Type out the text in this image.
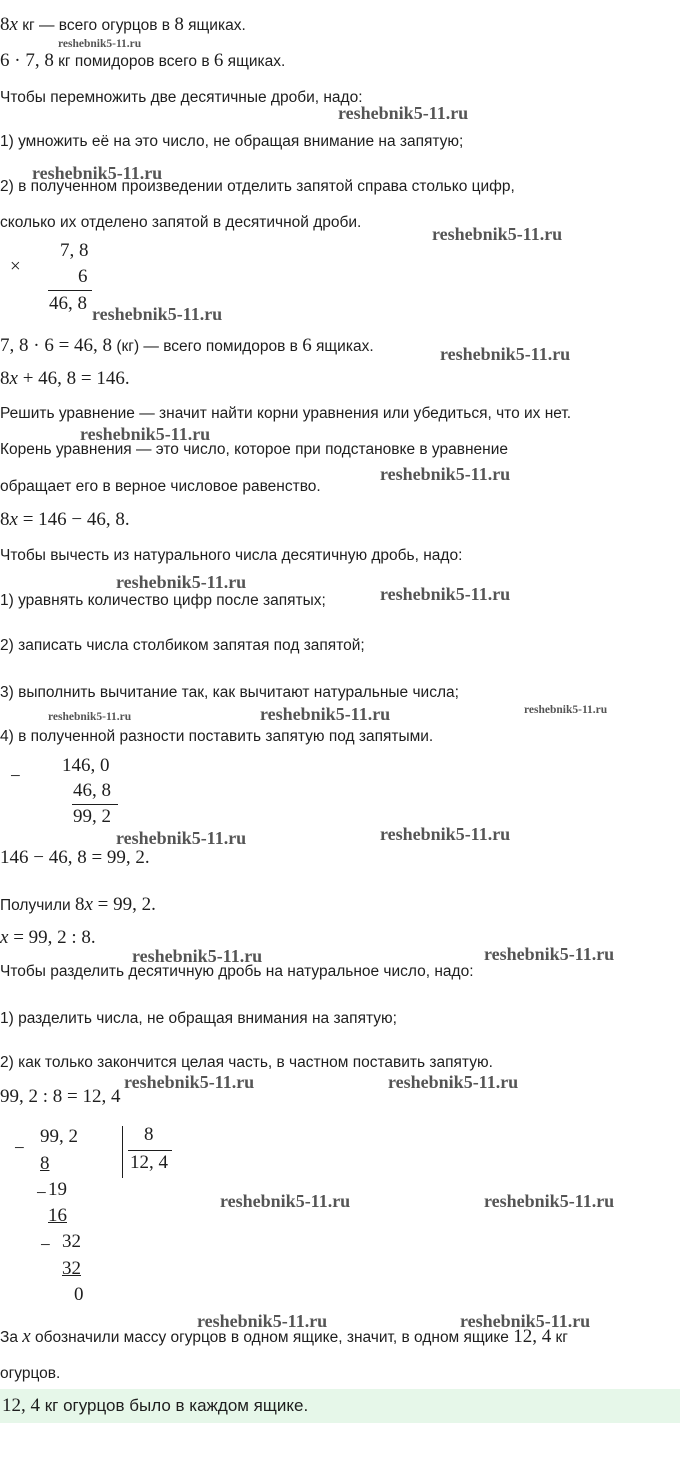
8x кг — всего огурцов в 8 ящиках.
reshebnik5-11.ru
6 · 7, 8 кг помидоров всего в 6 ящиках.
Чтобы перемножить две десятичные дроби, надо:
reshebnik5-11.ru
1) умножить её на это число, не обращая внимание на запятую;
reshebnik5-11.ru
2) в полученном произведении отделить запятой справа столько цифр,
сколько их отделено запятой в десятичной дроби.
reshebnik5-11.ru
×
7, 8
6
46, 8 reshebnik5-11.ru
7, 8 · 6 = 46, 8 (кг) — всего помидоров в 6 ящиках.	reshebnik5-11.ru
8x + 46, 8 = 146.
Решить уравнение — значит найти корни уравнения или убедиться, что их нет.
reshebnik5-11.ru
Корень уравнения — это число, которое при подстановке в уравнение
reshebnik5-11.ru
обращает его в верное числовое равенство.
8x = 146 − 46, 8.
Чтобы вычесть из натурального числа десятичную дробь, надо:
reshebnik5-11.ru
1) уравнять количество цифр после запятых;	reshebnik5-11.ru
2) записать числа столбиком запятая под запятой;
3) выполнить вычитание так, как вычитают натуральные числа;
reshebnik5-11.ru	reshebnik5-11.ru	reshebnik5-11.ru
4) в полученной разности поставить запятую под запятыми.
−
146, 0
46, 8
99, 2
reshebnik5-11.ru	reshebnik5-11.ru
146 − 46, 8 = 99, 2.
Получили 8x = 99, 2.
x = 99, 2 : 8.
reshebnik5-11.ru	reshebnik5-11.ru
Чтобы разделить десятичную дробь на натуральное число, надо:
1) разделить числа, не обращая внимания на запятую;
2) как только закончится целая часть, в частном поставить запятую.
99, 2 : 8 = 12, 4
reshebnik5-11.ru	reshebnik5-11.ru
−
99, 2
8
8
12, 4
− 19
16
reshebnik5-11.ru	reshebnik5-11.ru
− 32
32
0
reshebnik5-11.ru	reshebnik5-11.ru
За x обозначили массу огурцов в одном ящике, значит, в одном ящике 12, 4 кг
огурцов.
12, 4 кг огурцов было в каждом ящике.
